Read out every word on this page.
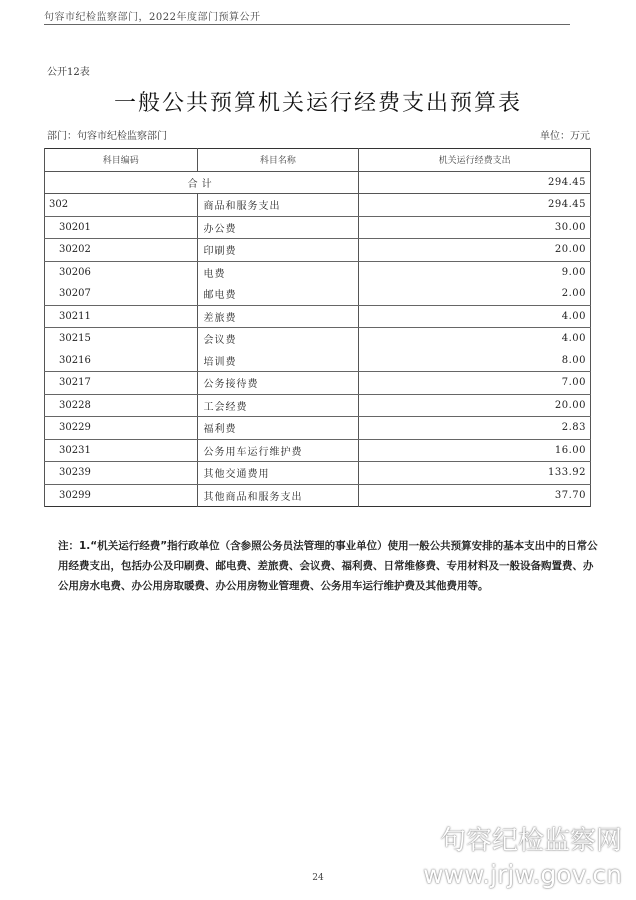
句容市纪检监察部门，2022年度部门预算公开
公开12表
一般公共预算机关运行经费支出预算表
部门：句容市纪检监察部门	单位：万元
科目编码	科目名称	机关运行经费支出
合计		294.45
302	商品和服务支出	294.45
30201	办公费	30.00
30202	印刷费	20.00
30206	电费	9.00
30207	邮电费	2.00
30211	差旅费	4.00
30215	会议费	4.00
30216	培训费	8.00
30217	公务接待费	7.00
30228	工会经费	20.00
30229	福利费	2.83
30231	公务用车运行维护费	16.00
30239	其他交通费用	133.92
30299	其他商品和服务支出	37.70
注：1.“机关运行经费”指行政单位（含参照公务员法管理的事业单位）使用一般公共预算安排的基本支出中的日常公用经费支出，包括办公及印刷费、邮电费、差旅费、会议费、福利费、日常维修费、专用材料及一般设备购置费、办公用房水电费、办公用房取暖费、办公用房物业管理费、公务用车运行维护费及其他费用等。
24
句容纪检监察网
www.jrjw.gov.cn
